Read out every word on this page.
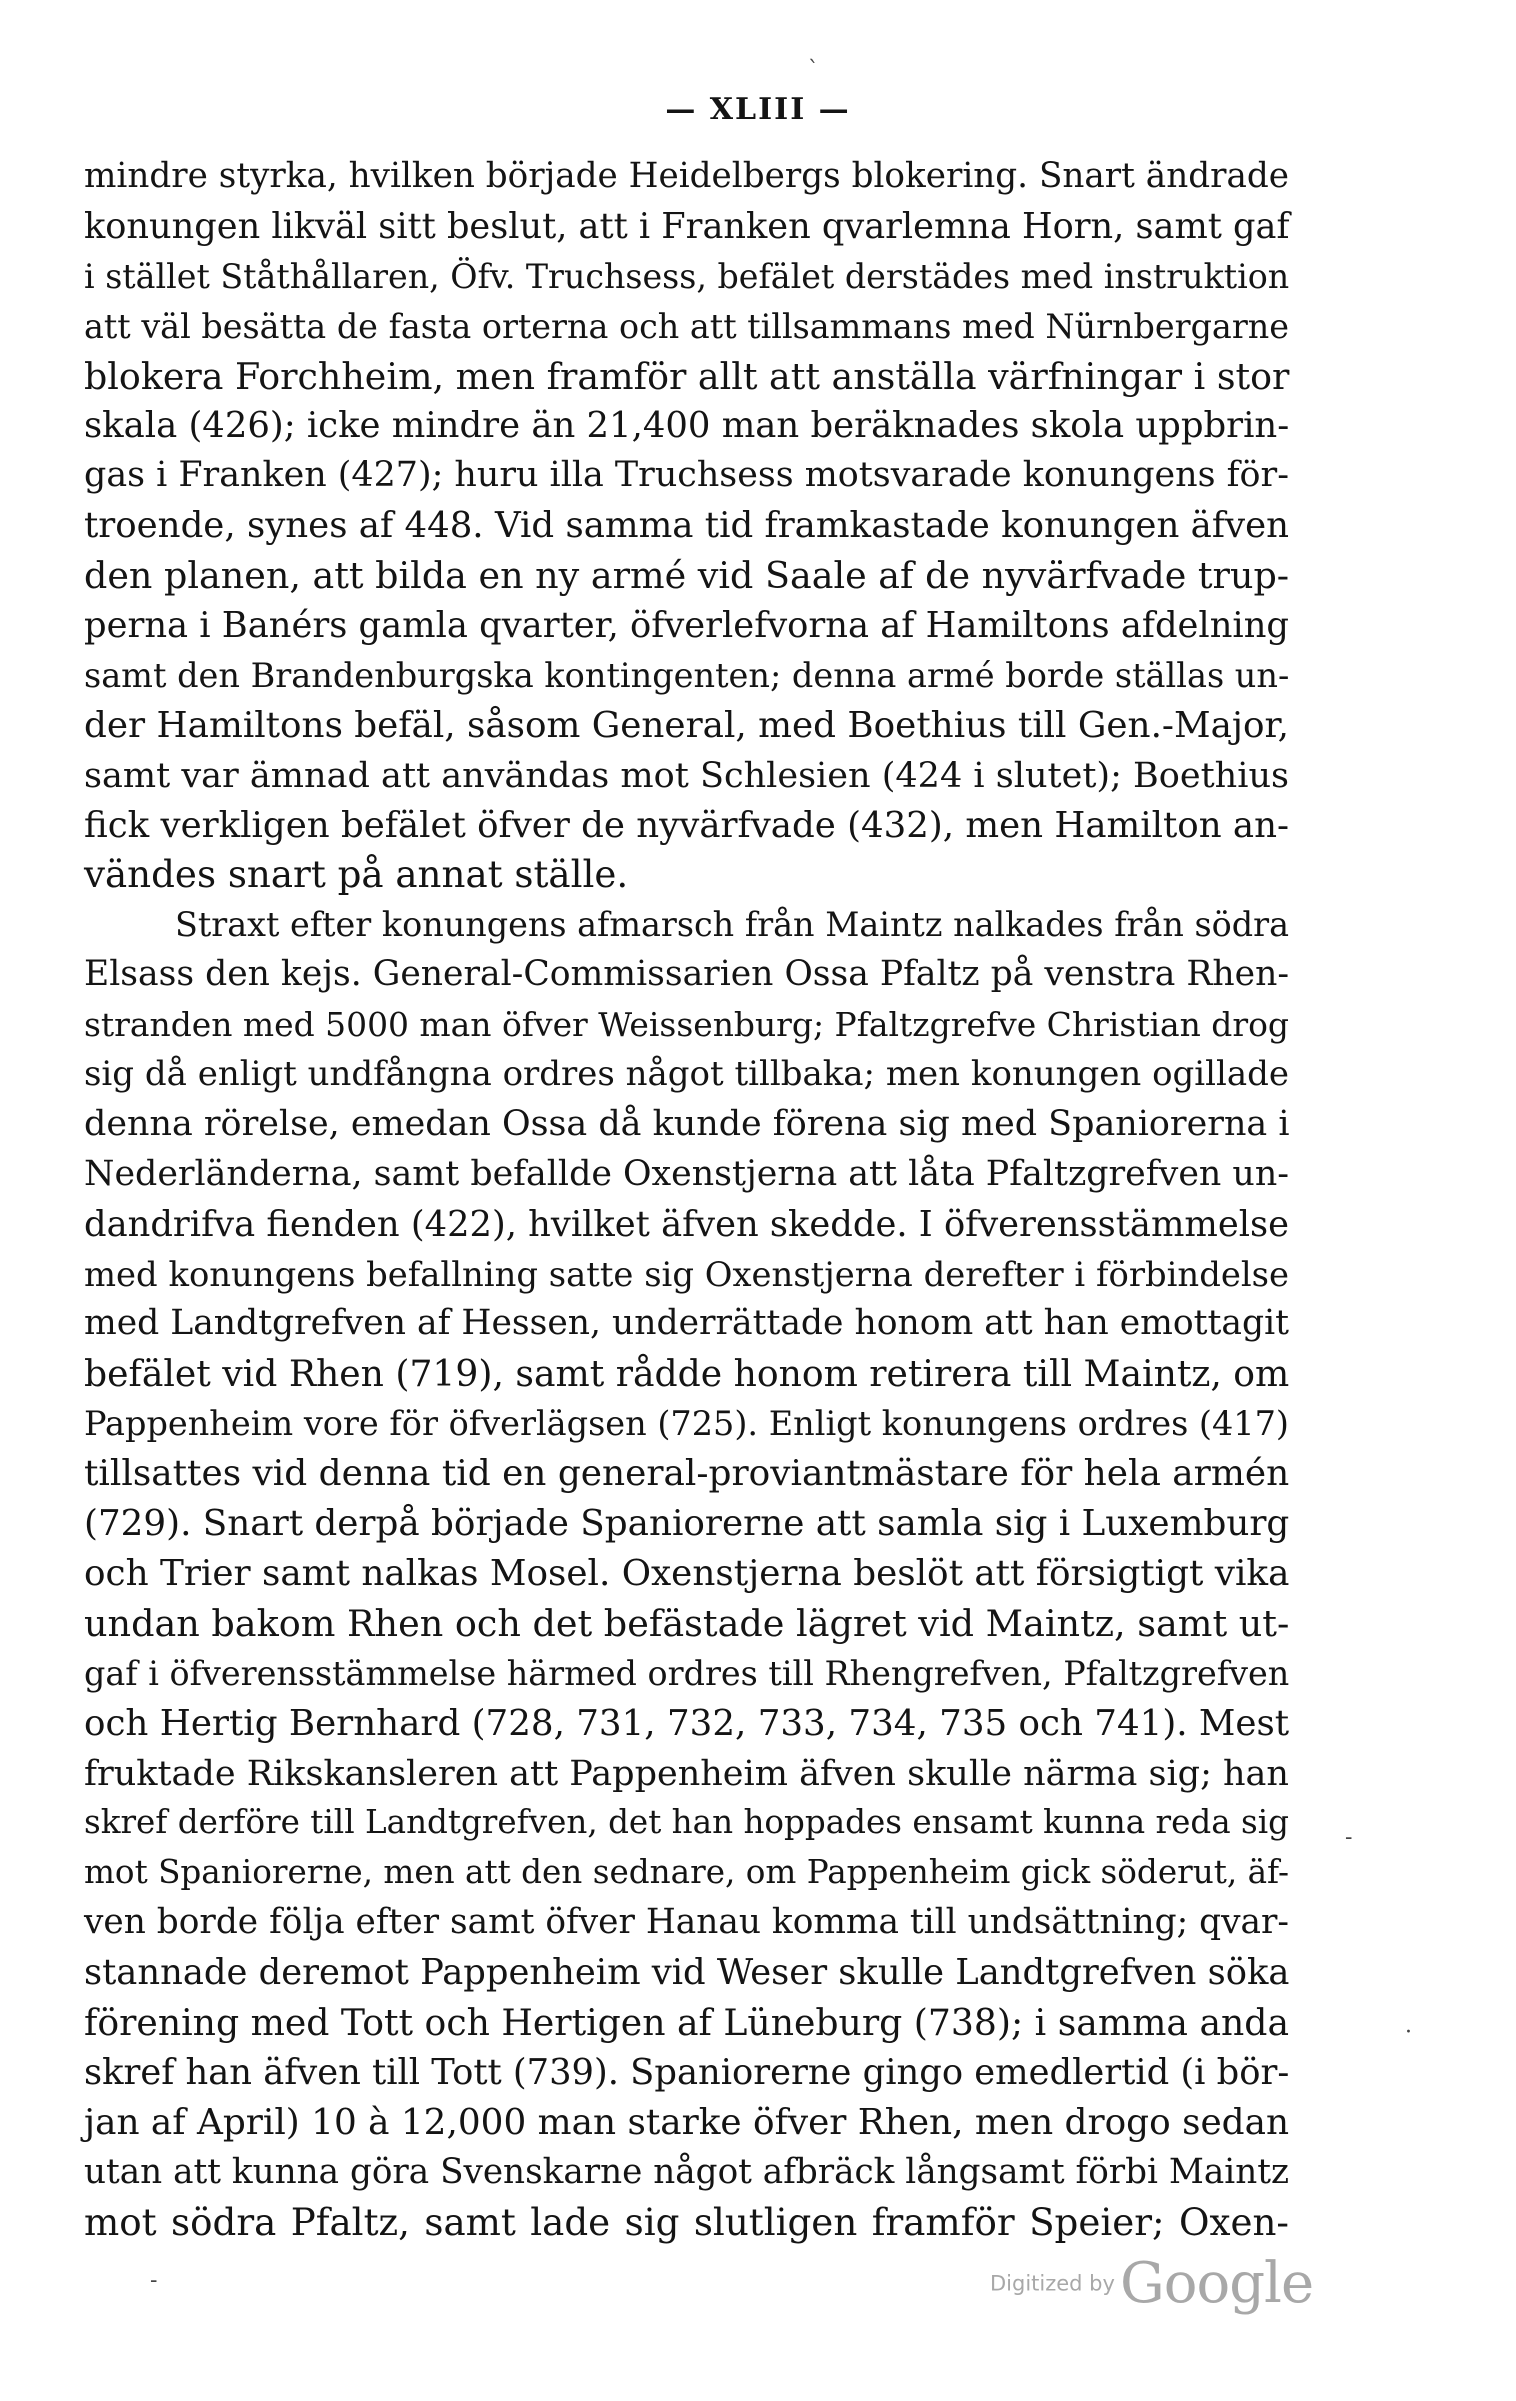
— XLIII —
mindre styrka, hvilken började Heidelbergs blokering. Snart ändrade
konungen likväl sitt beslut, att i Franken qvarlemna Horn, samt gaf
i stället Ståthållaren, Öfv. Truchsess, befälet derstädes med instruktion
att väl besätta de fasta orterna och att tillsammans med Nürnbergarne
blokera Forchheim, men framför allt att anställa värfningar i stor
skala (426); icke mindre än 21,400 man beräknades skola uppbrin-
gas i Franken (427); huru illa Truchsess motsvarade konungens för-
troende, synes af 448. Vid samma tid framkastade konungen äfven
den planen, att bilda en ny armé vid Saale af de nyvärfvade trup-
perna i Banérs gamla qvarter, öfverlefvorna af Hamiltons afdelning
samt den Brandenburgska kontingenten; denna armé borde ställas un-
der Hamiltons befäl, såsom General, med Boethius till Gen.-Major,
samt var ämnad att användas mot Schlesien (424 i slutet); Boethius
fick verkligen befälet öfver de nyvärfvade (432), men Hamilton an-
vändes snart på annat ställe.
Straxt efter konungens afmarsch från Maintz nalkades från södra
Elsass den kejs. General-Commissarien Ossa Pfaltz på venstra Rhen-
stranden med 5000 man öfver Weissenburg; Pfaltzgrefve Christian drog
sig då enligt undfångna ordres något tillbaka; men konungen ogillade
denna rörelse, emedan Ossa då kunde förena sig med Spaniorerna i
Nederländerna, samt befallde Oxenstjerna att låta Pfaltzgrefven un-
dandrifva fienden (422), hvilket äfven skedde. I öfverensstämmelse
med konungens befallning satte sig Oxenstjerna derefter i förbindelse
med Landtgrefven af Hessen, underrättade honom att han emottagit
befälet vid Rhen (719), samt rådde honom retirera till Maintz, om
Pappenheim vore för öfverlägsen (725). Enligt konungens ordres (417)
tillsattes vid denna tid en general-proviantmästare för hela armén
(729). Snart derpå började Spaniorerne att samla sig i Luxemburg
och Trier samt nalkas Mosel. Oxenstjerna beslöt att försigtigt vika
undan bakom Rhen och det befästade lägret vid Maintz, samt ut-
gaf i öfverensstämmelse härmed ordres till Rhengrefven, Pfaltzgrefven
och Hertig Bernhard (728, 731, 732, 733, 734, 735 och 741). Mest
fruktade Rikskansleren att Pappenheim äfven skulle närma sig; han
skref derföre till Landtgrefven, det han hoppades ensamt kunna reda sig
mot Spaniorerne, men att den sednare, om Pappenheim gick söderut, äf-
ven borde följa efter samt öfver Hanau komma till undsättning; qvar-
stannade deremot Pappenheim vid Weser skulle Landtgrefven söka
förening med Tott och Hertigen af Lüneburg (738); i samma anda
skref han äfven till Tott (739). Spaniorerne gingo emedlertid (i bör-
jan af April) 10 à 12,000 man starke öfver Rhen, men drogo sedan
utan att kunna göra Svenskarne något afbräck långsamt förbi Maintz
mot södra Pfaltz, samt lade sig slutligen framför Speier; Oxen-
`
-
·
-	Digitized by Google
